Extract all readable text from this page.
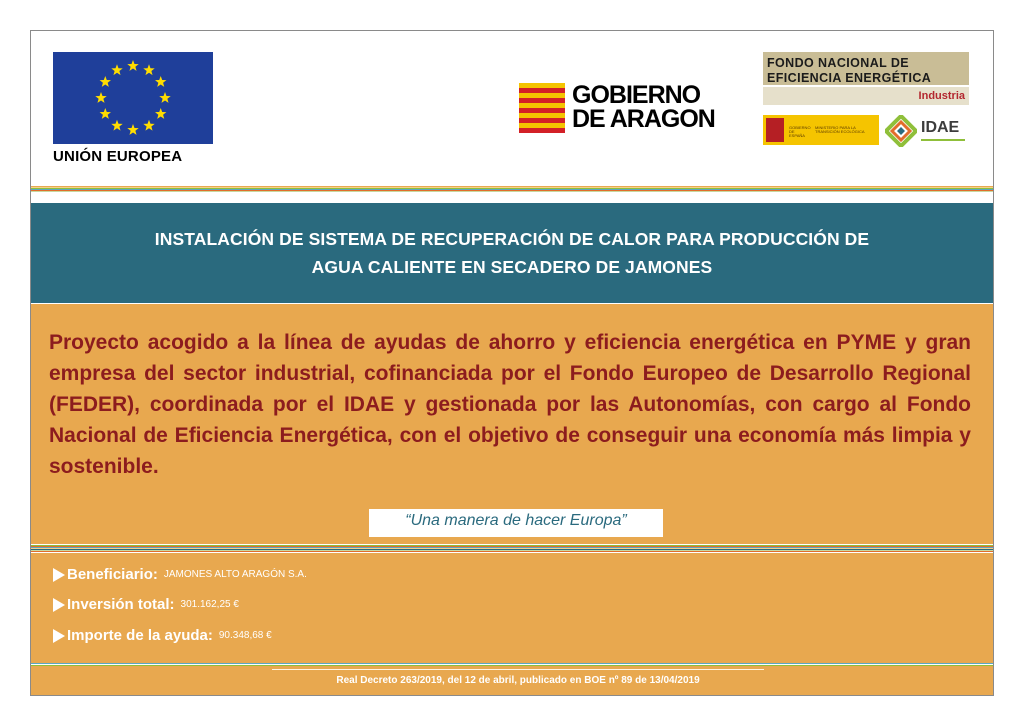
UNIÓN EUROPEA
GOBIERNO
DE ARAGON
FONDO NACIONAL DE
EFICIENCIA ENERGÉTICA
Industria
GOBIERNO DE ESPAÑA
MINISTERIO PARA LA TRANSICIÓN ECOLÓGICA	IDAE
INSTALACIÓN DE SISTEMA DE RECUPERACIÓN DE CALOR PARA PRODUCCIÓN DE
AGUA CALIENTE EN SECADERO DE JAMONES
Proyecto acogido a la línea de ayudas de ahorro y eficiencia energética en PYME y gran empresa del sector industrial, cofinanciada por el Fondo Europeo de Desarrollo Regional (FEDER), coordinada por el IDAE y gestionada por las Autonomías, con cargo al Fondo Nacional de Eficiencia Energética, con el objetivo de conseguir una economía más limpia y sostenible.
“Una manera de hacer Europa”
Beneficiario: JAMONES ALTO ARAGÓN S.A.
Inversión total: 301.162,25 €
Importe de la ayuda: 90.348,68 €
Real Decreto 263/2019, del 12 de abril, publicado en BOE nº 89 de 13/04/2019
